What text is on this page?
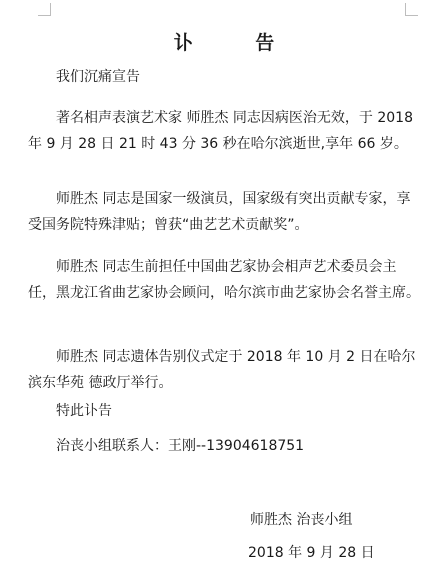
讣 告

我们沉痛宣告

著名相声表演艺术家 师胜杰 同志因病医治无效，于 2018 年 9 月 28 日 21 时 43 分 36 秒在哈尔滨逝世,享年 66 岁。

师胜杰 同志是国家一级演员，国家级有突出贡献专家，享受国务院特殊津贴；曾获“曲艺艺术贡献奖”。

师胜杰 同志生前担任中国曲艺家协会相声艺术委员会主任，黑龙江省曲艺家协会顾问，哈尔滨市曲艺家协会名誉主席。

师胜杰 同志遗体告别仪式定于 2018 年 10 月 2 日在哈尔滨东华苑 德政厅举行。

特此讣告

治丧小组联系人：王刚--13904618751

师胜杰 治丧小组
2018 年 9 月 28 日
